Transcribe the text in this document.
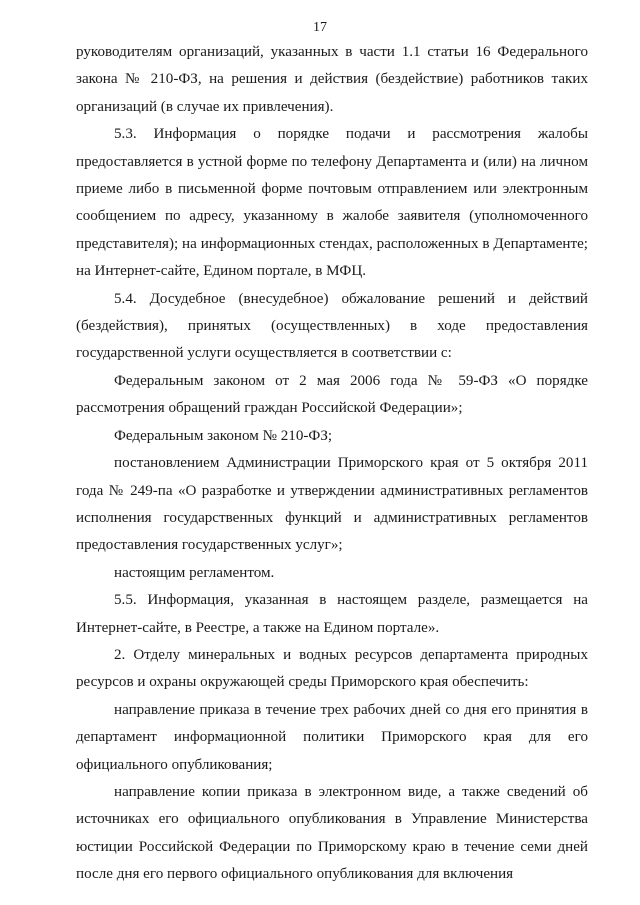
17

руководителям организаций, указанных в части 1.1 статьи 16 Федерального закона № 210-ФЗ, на решения и действия (бездействие) работников таких организаций (в случае их привлечения).

5.3. Информация о порядке подачи и рассмотрения жалобы предоставляется в устной форме по телефону Департамента и (или) на личном приеме либо в письменной форме почтовым отправлением или электронным сообщением по адресу, указанному в жалобе заявителя (уполномоченного представителя); на информационных стендах, расположенных в Департаменте; на Интернет-сайте, Едином портале, в МФЦ.

5.4. Досудебное (внесудебное) обжалование решений и действий (бездействия), принятых (осуществленных) в ходе предоставления государственной услуги осуществляется в соответствии с:

Федеральным законом от 2 мая 2006 года № 59-ФЗ «О порядке рассмотрения обращений граждан Российской Федерации»;

Федеральным законом № 210-ФЗ;

постановлением Администрации Приморского края от 5 октября 2011 года № 249-па «О разработке и утверждении административных регламентов исполнения государственных функций и административных регламентов предоставления государственных услуг»;

настоящим регламентом.

5.5. Информация, указанная в настоящем разделе, размещается на Интернет-сайте, в Реестре, а также на Едином портале».

2. Отделу минеральных и водных ресурсов департамента природных ресурсов и охраны окружающей среды Приморского края обеспечить:

направление приказа в течение трех рабочих дней со дня его принятия в департамент информационной политики Приморского края для его официального опубликования;

направление копии приказа в электронном виде, а также сведений об источниках его официального опубликования в Управление Министерства юстиции Российской Федерации по Приморскому краю в течение семи дней после дня его первого официального опубликования для включения
